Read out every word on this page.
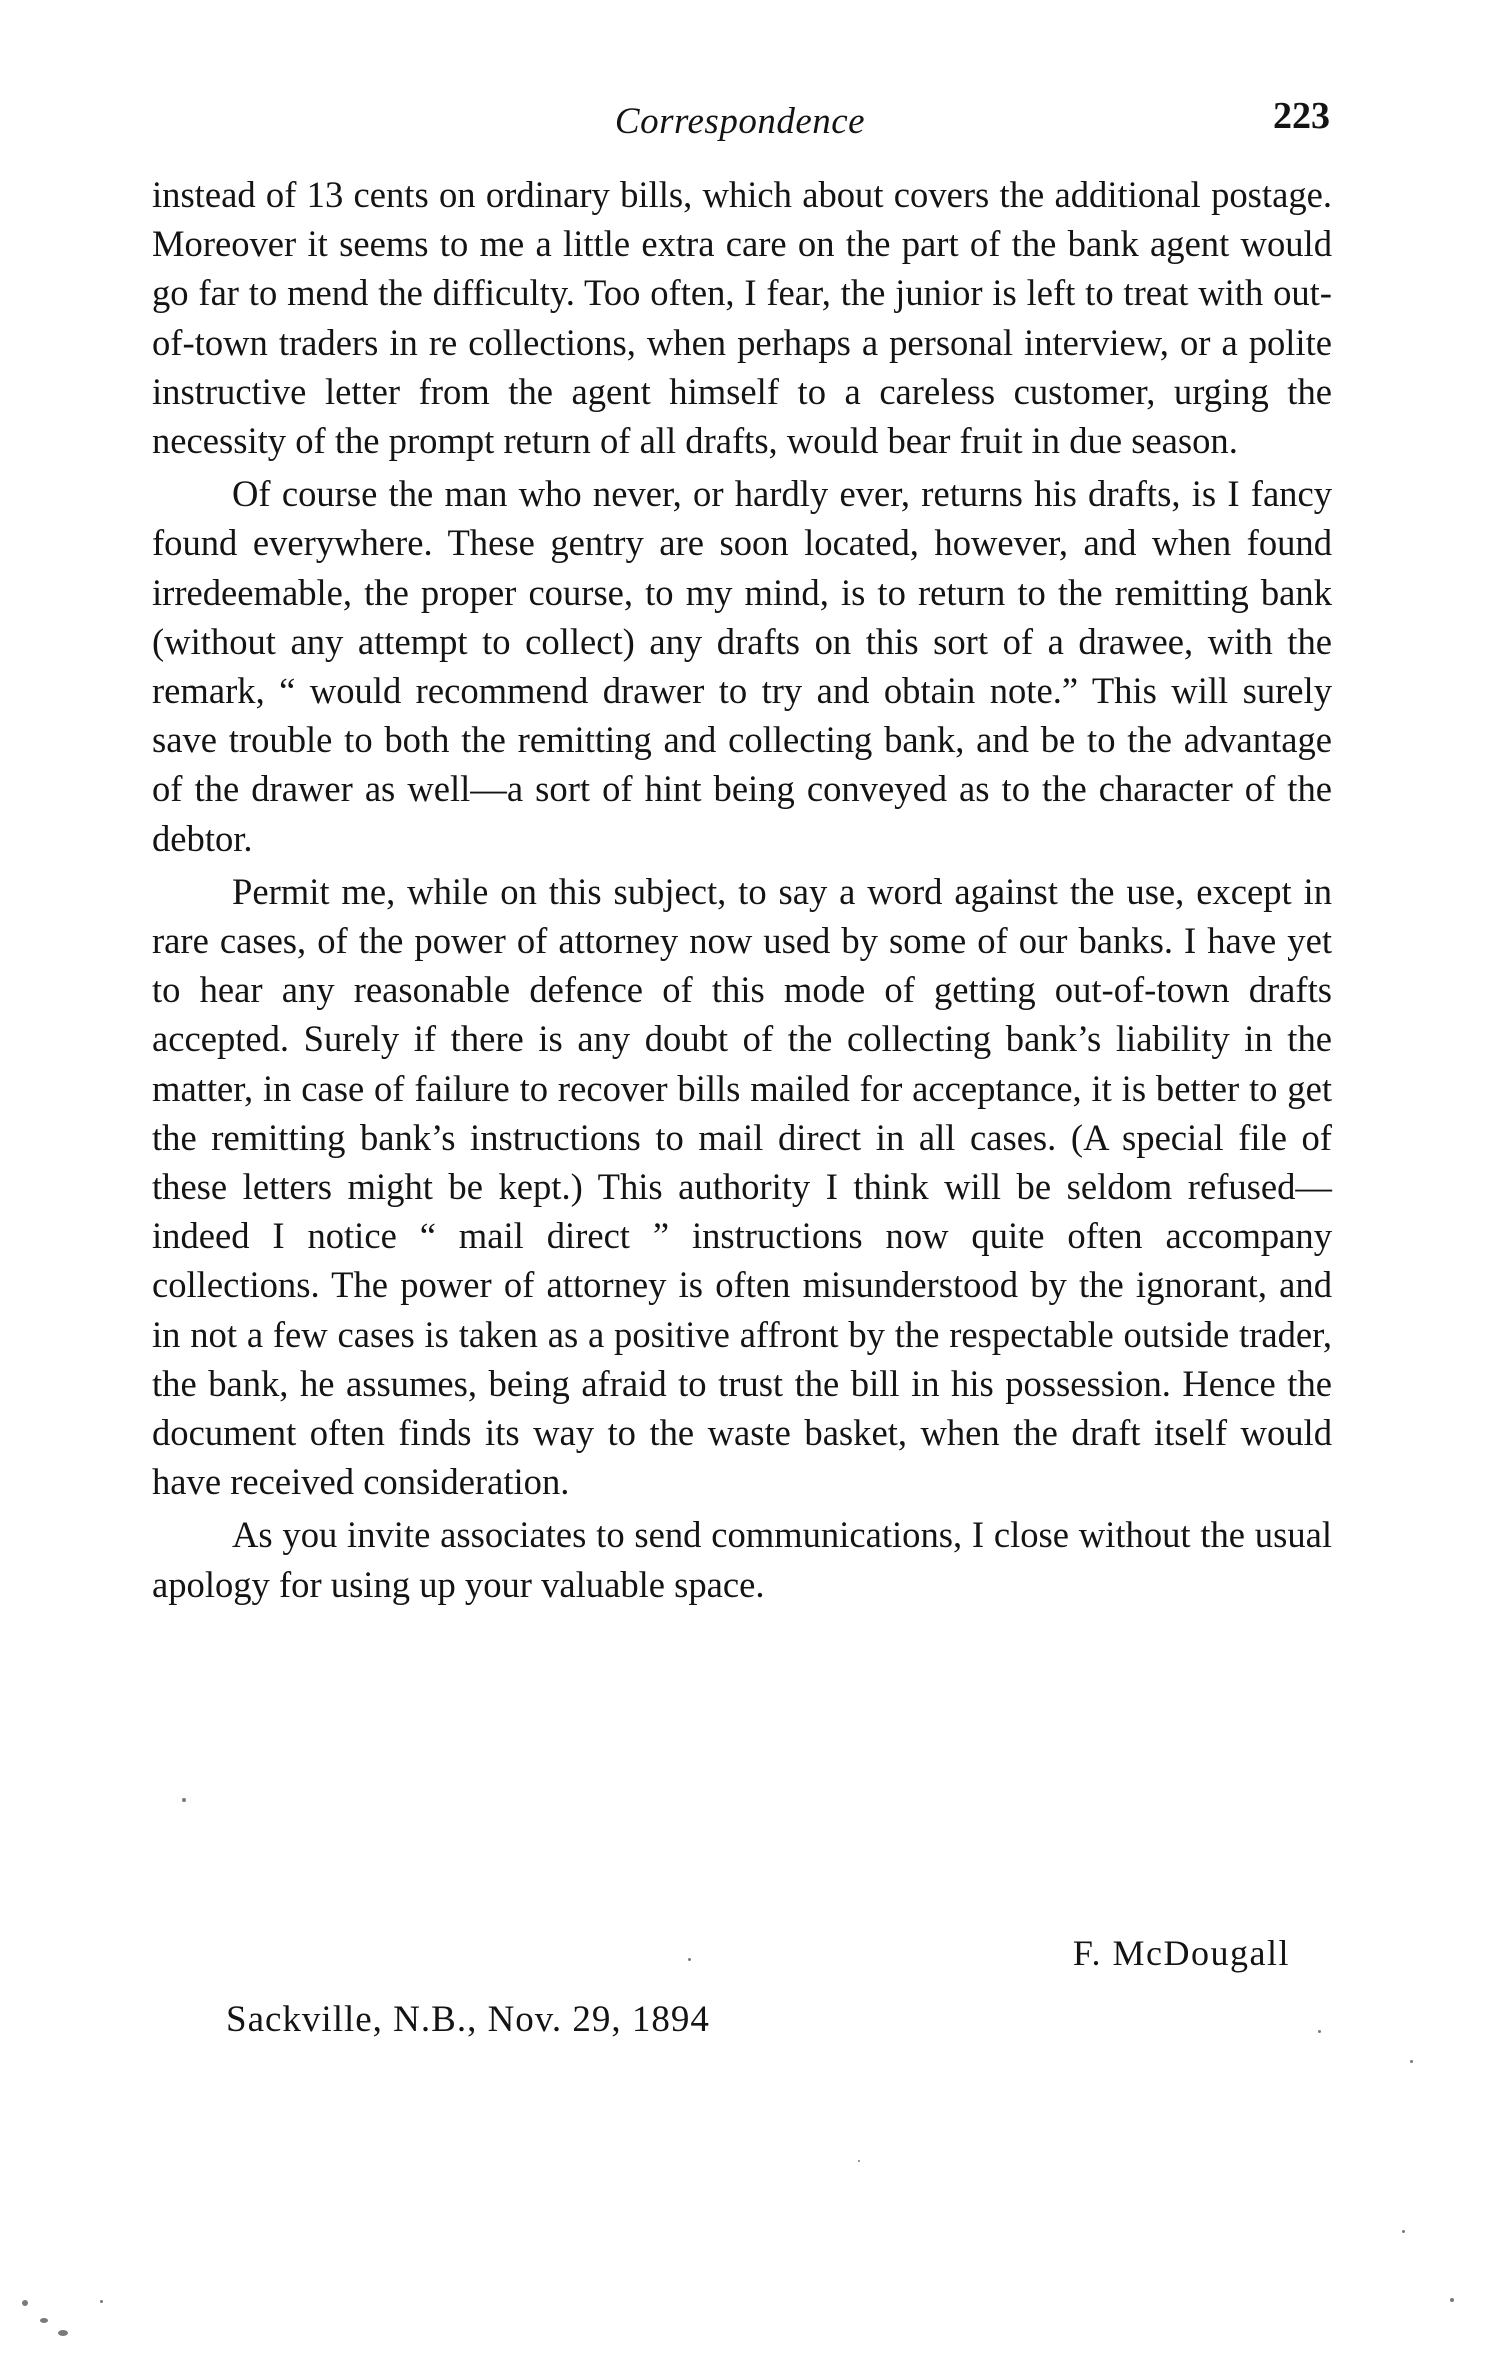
Correspondence	223

instead of 13 cents on ordinary bills, which about covers the additional postage. Moreover it seems to me a little extra care on the part of the bank agent would go far to mend the difficulty. Too often, I fear, the junior is left to treat with out-of-town traders in re collections, when perhaps a personal interview, or a polite instructive letter from the agent himself to a careless customer, urging the necessity of the prompt return of all drafts, would bear fruit in due season.

Of course the man who never, or hardly ever, returns his drafts, is I fancy found everywhere. These gentry are soon located, however, and when found irredeemable, the proper course, to my mind, is to return to the remitting bank (without any attempt to collect) any drafts on this sort of a drawee, with the remark, “ would recommend drawer to try and obtain note.” This will surely save trouble to both the remitting and collecting bank, and be to the advantage of the drawer as well—a sort of hint being conveyed as to the character of the debtor.

Permit me, while on this subject, to say a word against the use, except in rare cases, of the power of attorney now used by some of our banks. I have yet to hear any reasonable defence of this mode of getting out-of-town drafts accepted. Surely if there is any doubt of the collecting bank’s liability in the matter, in case of failure to recover bills mailed for acceptance, it is better to get the remitting bank’s instructions to mail direct in all cases. (A special file of these letters might be kept.) This authority I think will be seldom refused—indeed I notice “ mail direct ” instructions now quite often accompany collections. The power of attorney is often misunderstood by the ignorant, and in not a few cases is taken as a positive affront by the respectable outside trader, the bank, he assumes, being afraid to trust the bill in his possession. Hence the document often finds its way to the waste basket, when the draft itself would have received consideration.

As you invite associates to send communications, I close without the usual apology for using up your valuable space.

F. McDougall
Sackville, N.B., Nov. 29, 1894
